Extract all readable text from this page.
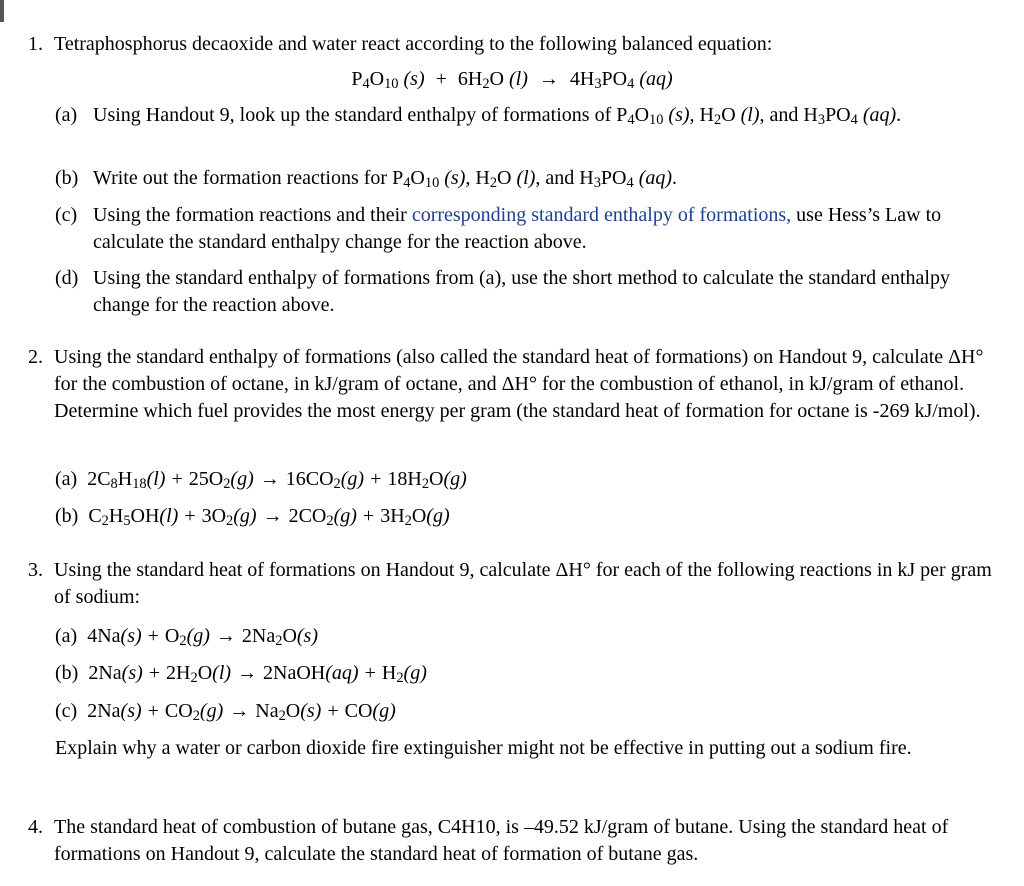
1. Tetraphosphorus decaoxide and water react according to the following balanced equation:
$P_4O_{10}$ $(s) + 6H_2O$ $(l) \to 4H_3PO_4$ (aq)
(a) Using Handout 9, look up the standard enthalpy of formations of $P_4O_{10}$ (s), $H_2O$ (l), and $H_3PO_4$ (aq).
(b) Write out the formation reactions for $P_4O_{10}$ (s), $H_2O$ (l), and $H_3PO_4$ (aq).
(c) Using the formation reactions and their corresponding standard enthalpy of formations, use Hess’s Law to calculate the standard enthalpy change for the reaction above.
(d) Using the standard enthalpy of formations from (a), use the short method to calculate the standard enthalpy change for the reaction above.
2. Using the standard enthalpy of formations (also called the standard heat of formations) on Handout 9, calculate ΔH° for the combustion of octane, in kJ/gram of octane, and ΔH° for the combustion of ethanol, in kJ/gram of ethanol. Determine which fuel provides the most energy per gram (the standard heat of formation for octane is -269 kJ/mol).
(a)  $2C_8H_{18}(l) + 25O_2(g) \to 16CO_2(g) + 18H_2O(g)$
(b)  $C_2H_5OH(l) + 3O_2(g) \to 2CO_2(g) + 3H_2O(g)$
3. Using the standard heat of formations on Handout 9, calculate ΔH° for each of the following reactions in kJ per gram of sodium:
(a)  $4Na(s) + O_2(g) \to 2Na_2O(s)$
(b)  $2Na(s) + 2H_2O(l)$ → 2NaOH(aq) + $H_2(g)$
(c)  $2Na(s) + CO_2(g) \to Na_2O(s) + CO(g)$
Explain why a water or carbon dioxide fire extinguisher might not be effective in putting out a sodium fire.
4. The standard heat of combustion of butane gas, C4H10, is –49.52 kJ/gram of butane. Using the standard heat of formations on Handout 9, calculate the standard heat of formation of butane gas.
